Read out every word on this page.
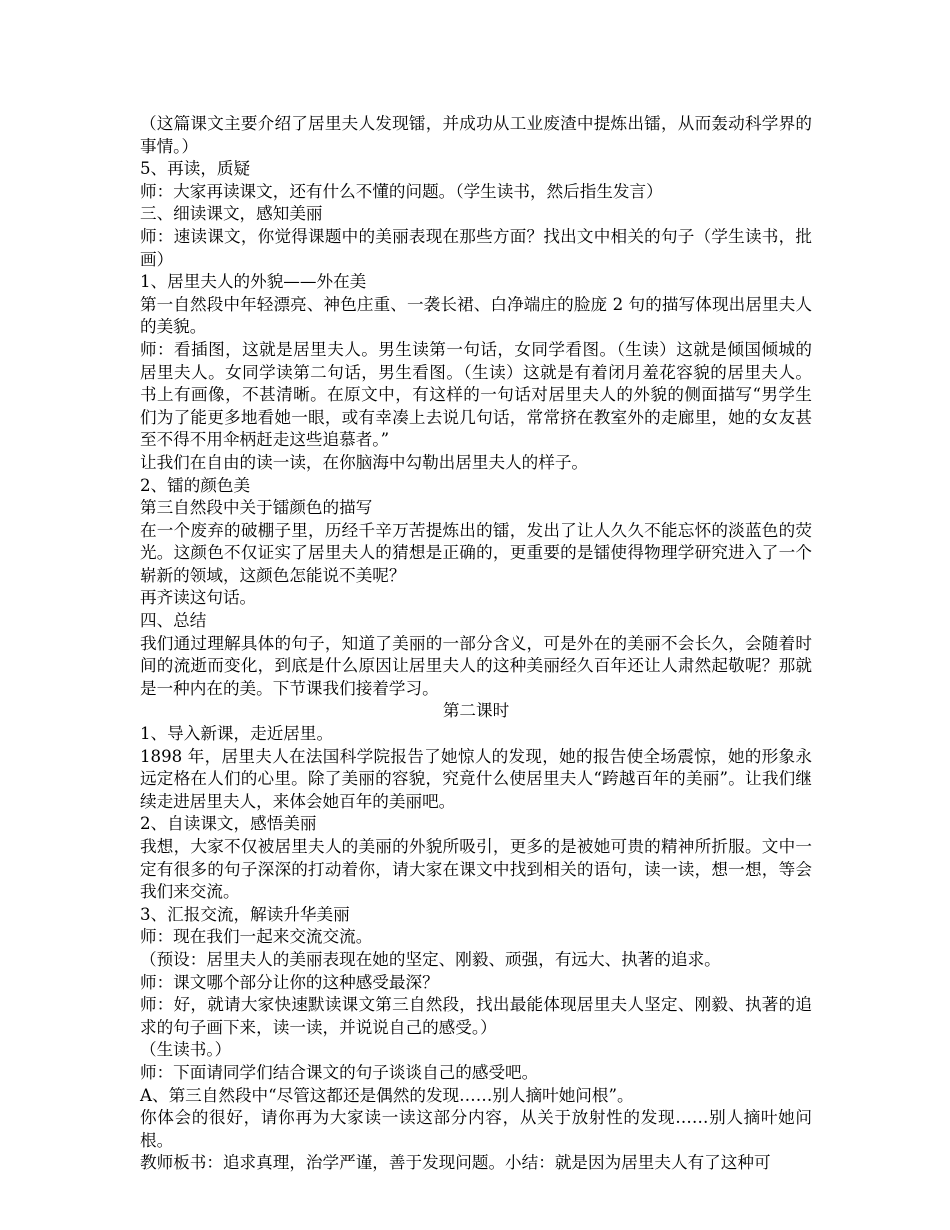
（这篇课文主要介绍了居里夫人发现镭，并成功从工业废渣中提炼出镭，从而轰动科学界的事情。）

5、再读，质疑

师：大家再读课文，还有什么不懂的问题。（学生读书，然后指生发言）

三、细读课文，感知美丽

师：速读课文，你觉得课题中的美丽表现在那些方面？找出文中相关的句子（学生读书，批画）

1、居里夫人的外貌——外在美

第一自然段中年轻漂亮、神色庄重、一袭长裙、白净端庄的脸庞 2 句的描写体现出居里夫人的美貌。

师：看插图，这就是居里夫人。男生读第一句话，女同学看图。（生读）这就是倾国倾城的居里夫人。女同学读第二句话，男生看图。（生读）这就是有着闭月羞花容貌的居里夫人。书上有画像，不甚清晰。在原文中，有这样的一句话对居里夫人的外貌的侧面描写“男学生们为了能更多地看她一眼，或有幸凑上去说几句话，常常挤在教室外的走廊里，她的女友甚至不得不用伞柄赶走这些追慕者。”

让我们在自由的读一读，在你脑海中勾勒出居里夫人的样子。

2、镭的颜色美

第三自然段中关于镭颜色的描写

在一个废弃的破棚子里，历经千辛万苦提炼出的镭，发出了让人久久不能忘怀的淡蓝色的荧光。这颜色不仅证实了居里夫人的猜想是正确的，更重要的是镭使得物理学研究进入了一个崭新的领域，这颜色怎能说不美呢？

再齐读这句话。

四、总结

我们通过理解具体的句子，知道了美丽的一部分含义，可是外在的美丽不会长久，会随着时间的流逝而变化，到底是什么原因让居里夫人的这种美丽经久百年还让人肃然起敬呢？那就是一种内在的美。下节课我们接着学习。

第二课时

1、导入新课，走近居里。

1898 年，居里夫人在法国科学院报告了她惊人的发现，她的报告使全场震惊，她的形象永远定格在人们的心里。除了美丽的容貌，究竟什么使居里夫人“跨越百年的美丽”。让我们继续走进居里夫人，来体会她百年的美丽吧。

2、自读课文，感悟美丽

我想，大家不仅被居里夫人的美丽的外貌所吸引，更多的是被她可贵的精神所折服。文中一定有很多的句子深深的打动着你，请大家在课文中找到相关的语句，读一读，想一想，等会我们来交流。

3、汇报交流，解读升华美丽

师：现在我们一起来交流交流。

（预设：居里夫人的美丽表现在她的坚定、刚毅、顽强，有远大、执著的追求。

师：课文哪个部分让你的这种感受最深？

师：好，就请大家快速默读课文第三自然段，找出最能体现居里夫人坚定、刚毅、执著的追求的句子画下来，读一读，并说说自己的感受。）

（生读书。）

师：下面请同学们结合课文的句子谈谈自己的感受吧。

A、第三自然段中“尽管这都还是偶然的发现……别人摘叶她问根”。

你体会的很好，请你再为大家读一读这部分内容，从关于放射性的发现……别人摘叶她问根。

教师板书：追求真理，治学严谨，善于发现问题。小结：就是因为居里夫人有了这种可
